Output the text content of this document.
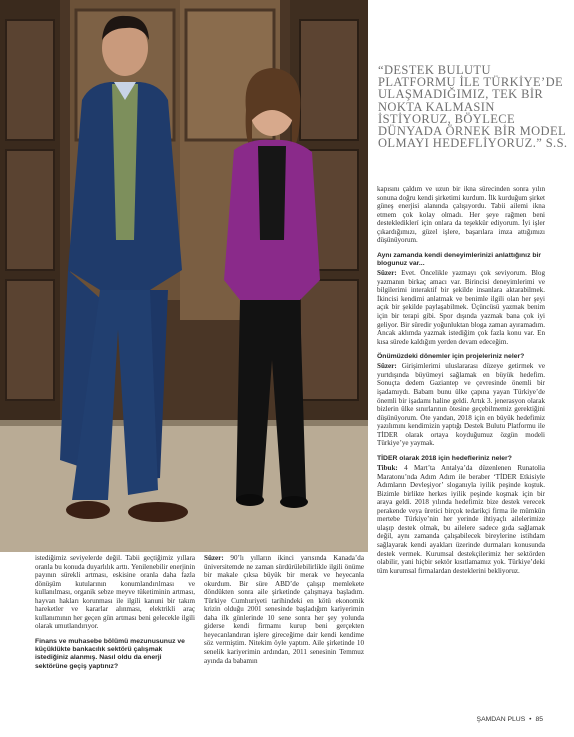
“DESTEK BULUTU PLATFORMU İLE TÜRKİYE’DE ULAŞMADIĞIMIZ, TEK BİR NOKTA KALMASIN İSTİYORUZ, BÖYLECE DÜNYADA ÖRNEK BİR MODEL OLMAYI HEDEFLİYORUZ.” S.S.

kapısını çaldım ve uzun bir ikna sürecinden sonra yılın sonuna doğru kendi şirketimi kurdum. İlk kurduğum şirket güneş enerjisi alanında çalışıyordu. Tabii ailemi ikna etmem çok kolay olmadı. Her şeye rağmen beni desteklediklerí için onlara da teşekkür ediyorum. İyi işler çıkardığımızı, güzel işlere, başarılara imza attığımızı düşünüyorum.

Aynı zamanda kendi deneyimlerinizi anlattığınız bir blogunuz var...

Süzer: Evet. Öncelikle yazmayı çok seviyorum. Blog yazmanın birkaç amacı var. Birincisi deneyimlerimi ve bilgilerimi interaktif bir şekilde insanlara aktarabilmek. İkincisi kendimi anlatmak ve benimle ilgili olan her şeyi açık bir şekilde paylaşabilmek. Üçüncüsü yazmak benim için bir terapi gibi. Spor dışında yazmak bana çok iyi geliyor. Bir süredir yoğunluktan bloga zaman ayıramadım. Ancak aklımda yazmak istediğim çok fazla konu var. En kısa sürede kaldığım yerden devam edeceğim.

Önümüzdeki dönemler için projeleriniz neler?

Süzer: Girişimlerimi uluslararası düzeye getirmek ve yurtdışında büyümeyi sağlamak en büyük hedefim. Sonuçta dedem Gaziantep ve çevresinde önemli bir işadamıydı. Babam bunu ülke çapına yayan Türkiye’de önemli bir işadamı haline geldi. Artık 3. jenerasyon olarak bizlerin ülke sınırlarının ötesine geçebilmemiz gerektiğini düşünüyorum. Öte yandan, 2018 için en büyük hedefimiz yazılımını kendimizin yaptığı Destek Bulutu Platformu ile TİDER olarak ortaya koyduğumuz özgün modeli Türkiye’ye yaymak.

TİDER olarak 2018 için hedefleriniz neler?

Tibuk: 4 Mart’ta Antalya’da düzenlenen Runatolia Maratonu’nda Adım Adım ile beraber ‘TİDER Etkisiyle Adımların Devleşiyor’ sloganıyla iyilik peşinde koştuk. Bizimle birlikte herkes iyilik peşinde koşmak için bir araya geldi. 2018 yılında hedefimiz bize destek verecek perakende veya üretici birçok tedarikçi firma ile mümkün mertebe Türkiye’nin her yerinde ihtiyaçlı ailelerimize ulaşıp destek olmak, bu ailelere sadece gıda sağlamak değil, aynı zamanda çalışabilecek bireylerine istihdam sağlayarak kendi ayakları üzerinde durmaları konusunda destek vermek. Kurumsal destekçilerimiz her sektörden olabilir, yani hiçbir sektör kısıtlamamız yok. Türkiye’deki tüm kurumsal firmalardan desteklerini bekliyoruz.

istediğimiz seviyelerde değil. Tabii geçtiğimiz yıllara oranla bu konuda duyarlılık arttı. Yenilenebilir enerjinin payının sürekli artması, eskisine oranla daha fazla dönüşüm kutularının konumlandırılması ve kullanılması, organik sebze meyve tüketiminin artması, hayvan hakları korunması ile ilgili kanuni bir takım hareketler ve kararlar alınması, elektrikli araç kullanımının her geçen gün artması beni gelecekle ilgili olarak umutlandırıyor.

Finans ve muhasebe bölümü mezunusunuz ve küçüklükte bankacılık sektörü çalışmak istediğiniz alanmış. Nasıl oldu da enerji sektörüne geçiş yaptınız?

Süzer: 90’lı yılların ikinci yarısında Kanada’da üniversitemde ne zaman sürdürülebilirlikle ilgili önüme bir makale çıksa büyük bir merak ve heyecanla okurdum. Bir süre ABD’de çalışıp memlekete döndükten sonra aile şirketinde çalışmaya başladım. Türkiye Cumhuriyeti tarihindeki en kötü ekonomik krizin olduğu 2001 senesinde başladığım kariyerimin daha ilk günlerinde 10 sene sonra her şey yolunda giderse kendi firmamı kurup beni gerçekten heyecanlandıran işlere gireceğime dair kendi kendime söz vermiştim. Nitekim öyle yaptım. Aile şirketinde 10 senelik kariyerimin ardından, 2011 senesinin Temmuz ayında da babamın

ŞAMDAN PLUS • 85
